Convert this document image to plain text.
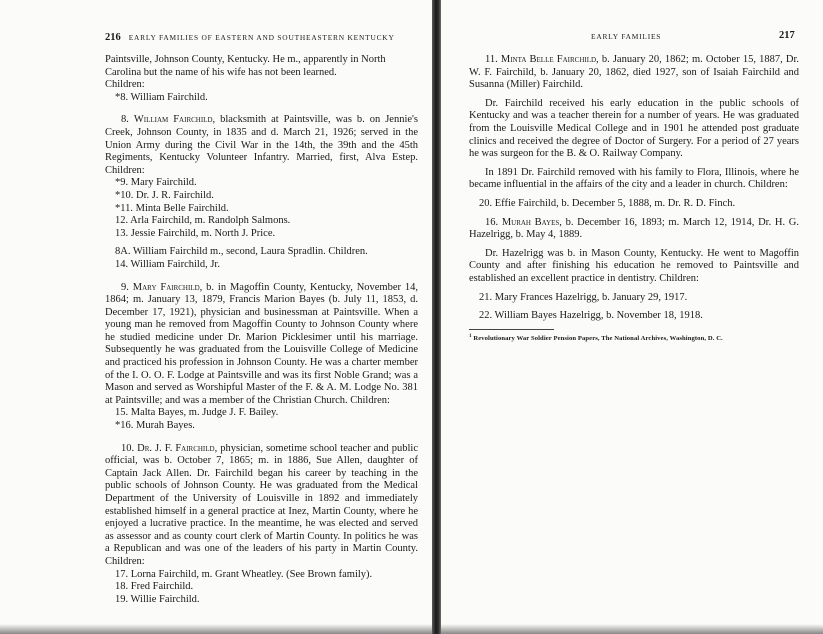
216 EARLY FAMILIES OF EASTERN AND SOUTHEASTERN KENTUCKY

Paintsville, Johnson County, Kentucky. He m., apparently in North Carolina but the name of his wife has not been learned.

Children:

*8. William Fairchild.

8. William Fairchild, blacksmith at Paintsville, was b. on Jennie's Creek, Johnson County, in 1835 and d. March 21, 1926; served in the Union Army during the Civil War in the 14th, the 39th and the 45th Regiments, Kentucky Volunteer Infantry. Married, first, Alva Estep. Children:

*9. Mary Fairchild.

*10. Dr. J. R. Fairchild.

*11. Minta Belle Fairchild.

12. Arla Fairchild, m. Randolph Salmons.

13. Jessie Fairchild, m. North J. Price.

8A. William Fairchild m., second, Laura Spradlin. Children.

14. William Fairchild, Jr.

9. Mary Fairchild, b. in Magoffin County, Kentucky, November 14, 1864; m. January 13, 1879, Francis Marion Bayes (b. July 11, 1853, d. December 17, 1921), physician and businessman at Paintsville. When a young man he removed from Magoffin County to Johnson County where he studied medicine under Dr. Marion Picklesimer until his marriage. Subsequently he was graduated from the Louisville College of Medicine and practiced his profession in Johnson County. He was a charter member of the I. O. O. F. Lodge at Paintsville and was its first Noble Grand; was a Mason and served as Worshipful Master of the F. & A. M. Lodge No. 381 at Paintsville; and was a member of the Christian Church. Children:

15. Malta Bayes, m. Judge J. F. Bailey.

*16. Murah Bayes.

10. Dr. J. F. Fairchild, physician, sometime school teacher and public official, was b. October 7, 1865; m. in 1886, Sue Allen, daughter of Captain Jack Allen. Dr. Fairchild began his career by teaching in the public schools of Johnson County. He was graduated from the Medical Department of the University of Louisville in 1892 and immediately established himself in a general practice at Inez, Martin County, where he enjoyed a lucrative practice. In the meantime, he was elected and served as assessor and as county court clerk of Martin County. In politics he was a Republican and was one of the leaders of his party in Martin County. Children:

17. Lorna Fairchild, m. Grant Wheatley. (See Brown family).

18. Fred Fairchild.

19. Willie Fairchild.

EARLY FAMILIES	217

11. Minta Belle Fairchild, b. January 20, 1862; m. October 15, 1887, Dr. W. F. Fairchild, b. January 20, 1862, died 1927, son of Isaiah Fairchild and Susanna (Miller) Fairchild.

Dr. Fairchild received his early education in the public schools of Kentucky and was a teacher therein for a number of years. He was graduated from the Louisville Medical College and in 1901 he attended post graduate clinics and received the degree of Doctor of Surgery. For a period of 27 years he was surgeon for the B. & O. Railway Company.

In 1891 Dr. Fairchild removed with his family to Flora, Illinois, where he became influential in the affairs of the city and a leader in church. Children:

20. Effie Fairchild, b. December 5, 1888, m. Dr. R. D. Finch.

16. Murah Bayes, b. December 16, 1893; m. March 12, 1914, Dr. H. G. Hazelrigg, b. May 4, 1889.

Dr. Hazelrigg was b. in Mason County, Kentucky. He went to Magoffin County and after finishing his education he removed to Paintsville and established an excellent practice in dentistry. Children:

21. Mary Frances Hazelrigg, b. January 29, 1917.

22. William Bayes Hazelrigg, b. November 18, 1918.

$^1$ Revolutionary War Soldier Pension Papers, The National Archives, Washington, D. C.
